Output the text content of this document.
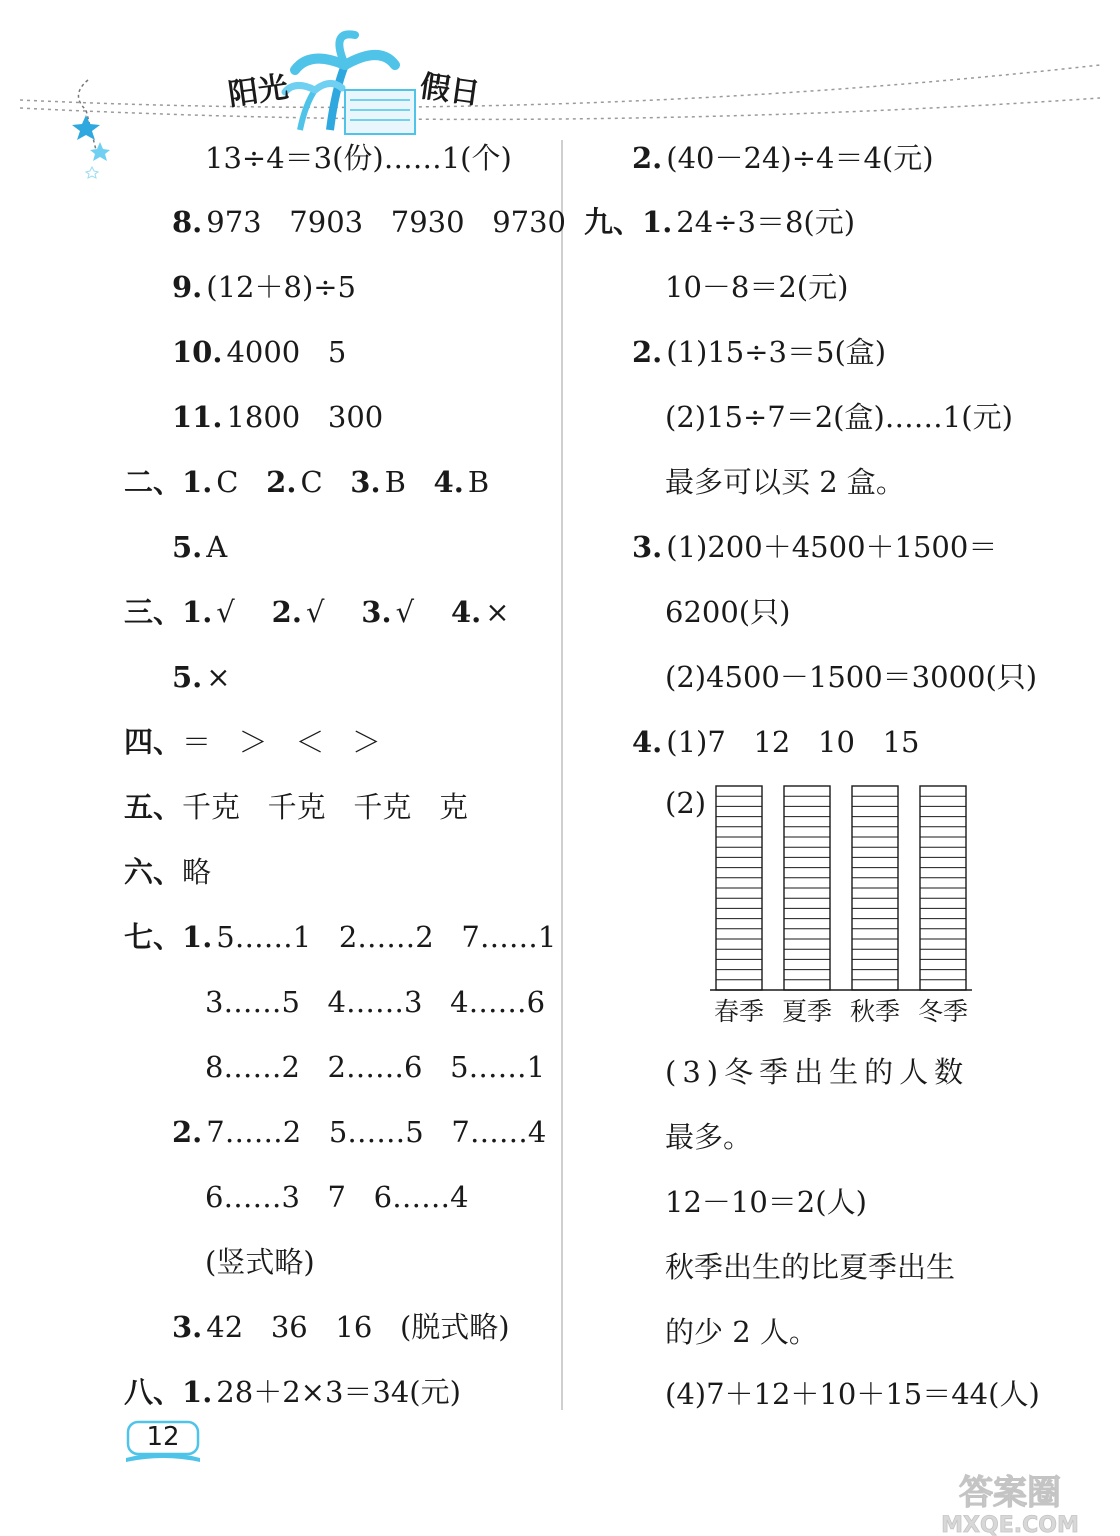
阳光	假日
13÷4＝3(份)……1(个)
8. 973   7903   7930   9730
9. (12＋8)÷5
10. 4000   5
11. 1800   300
二、1. C 2. C 3. B 4. B
5. A
三、1. √ 2. √ 3. √ 4. ×
5. ×
四、＝   ＞   ＜   ＞
五、千克   千克   千克   克
六、略
七、1. 5……1   2……2   7……1
3……5   4……3   4……6
8……2   2……6   5……1
2. 7……2   5……5   7……4
6……3   7   6……4
(竖式略)
3. 42   36   16   (脱式略)
八、1. 28＋2×3＝34(元)
2. (40－24)÷4＝4(元)
九、1. 24÷3＝8(元)
10－8＝2(元)
2. (1)15÷3＝5(盒)
(2)15÷7＝2(盒)……1(元)
最多可以买 2 盒。
3. (1)200＋4500＋1500＝
6200(只)
(2)4500－1500＝3000(只)
4. (1)7   12   10   15
(2)
春季 夏季 秋季 冬季
(3)冬季出生的人数
最多。
12－10＝2(人)
秋季出生的比夏季出生
的少 2 人。
(4)7＋12＋10＋15＝44(人)
12
答案圈
MXQE.COM
